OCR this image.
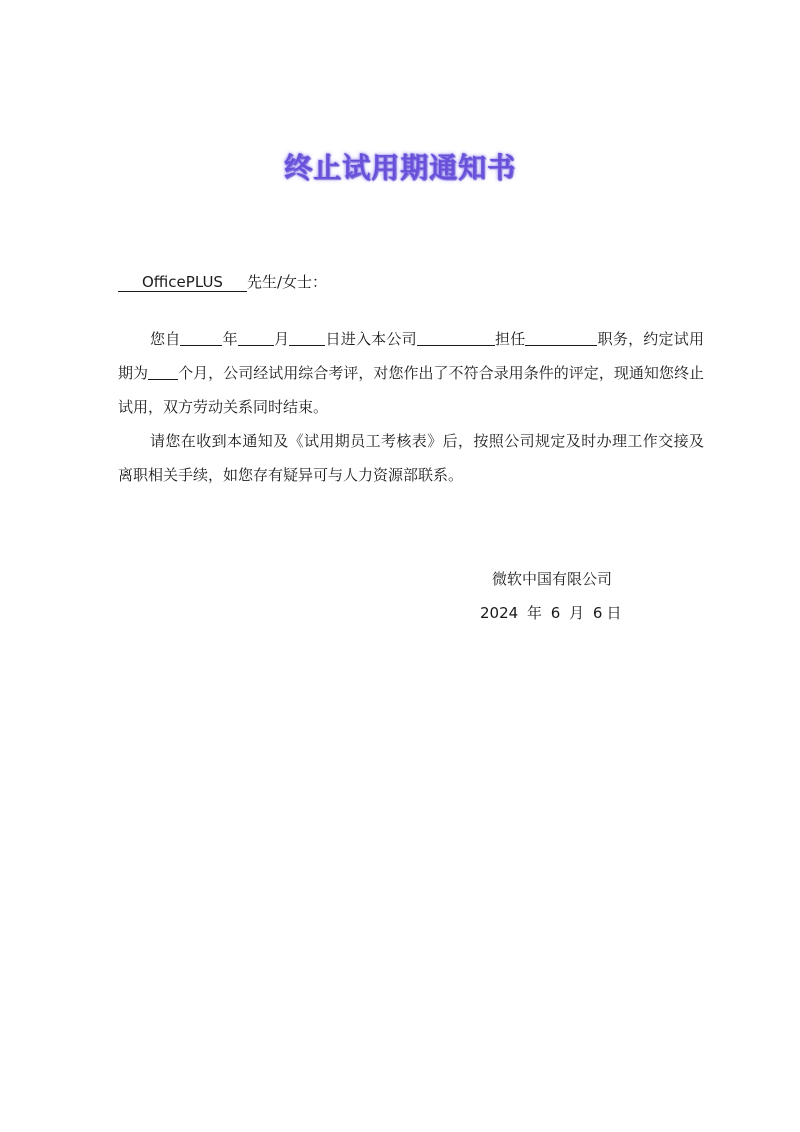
终止试用期通知书
OfficePLUS 先生/女士：

您自	年 月 日进入本公司	担任	职务，约定试用期为 个月，公司经试用综合考评，对您作出了不符合录用条件的评定，现通知您终止试用，双方劳动关系同时结束。

请您在收到本通知及《试用期员工考核表》后，按照公司规定及时办理工作交接及离职相关手续，如您存有疑异可与人力资源部联系。

微软中国有限公司
2024 年 6 月 6 日
